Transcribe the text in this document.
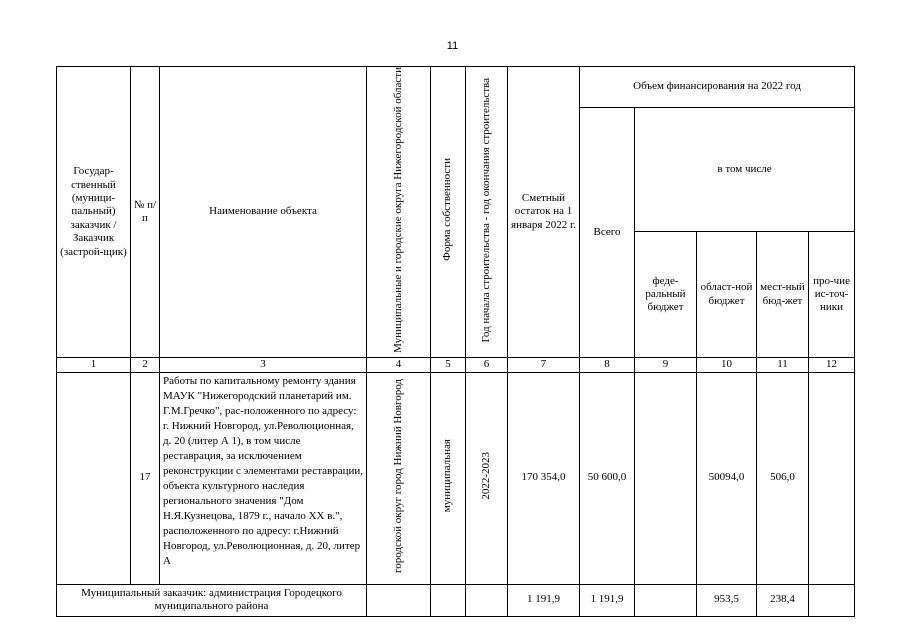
11
Государ-ственный (муници-пальный) заказчик / Заказчик (застрой-щик)	№ п/п	Наименование объекта	Муниципальные и городские округа Нижегородской области	Форма собственности	Год начала строительства - год окончания строительства	Сметный остаток на 1 января 2022 г.	Объем финансирования на 2022 год				
							Всего	в том числе			
								феде-ральный бюджет	област-ной бюджет	мест-ный бюд-жет	про-чие ис-точ-ники
1	2	3	4	5	6	7	8	9	10	11	12
	17	Работы по капитальному ремонту здания МАУК "Нижегородский планетарий им. Г.М.Гречко", рас-положенного по адресу: г. Нижний Новгород, ул.Революционная, д. 20 (литер А 1), в том числе реставрация, за исключением реконструкции с элементами реставрации, объекта культурного наследия регионального значения "Дом Н.Я.Кузнецова, 1879 г., начало XX в.", расположенного по адресу: г.Нижний Новгород, ул.Революционная, д. 20, литер А	городской округ город Нижний Новгород	муниципальная	2022-2023	170 354,0	50 600,0		50094,0	506,0	
Муниципальный заказчик: администрация Городецкого муниципального района						1 191,9	1 191,9		953,5	238,4	
